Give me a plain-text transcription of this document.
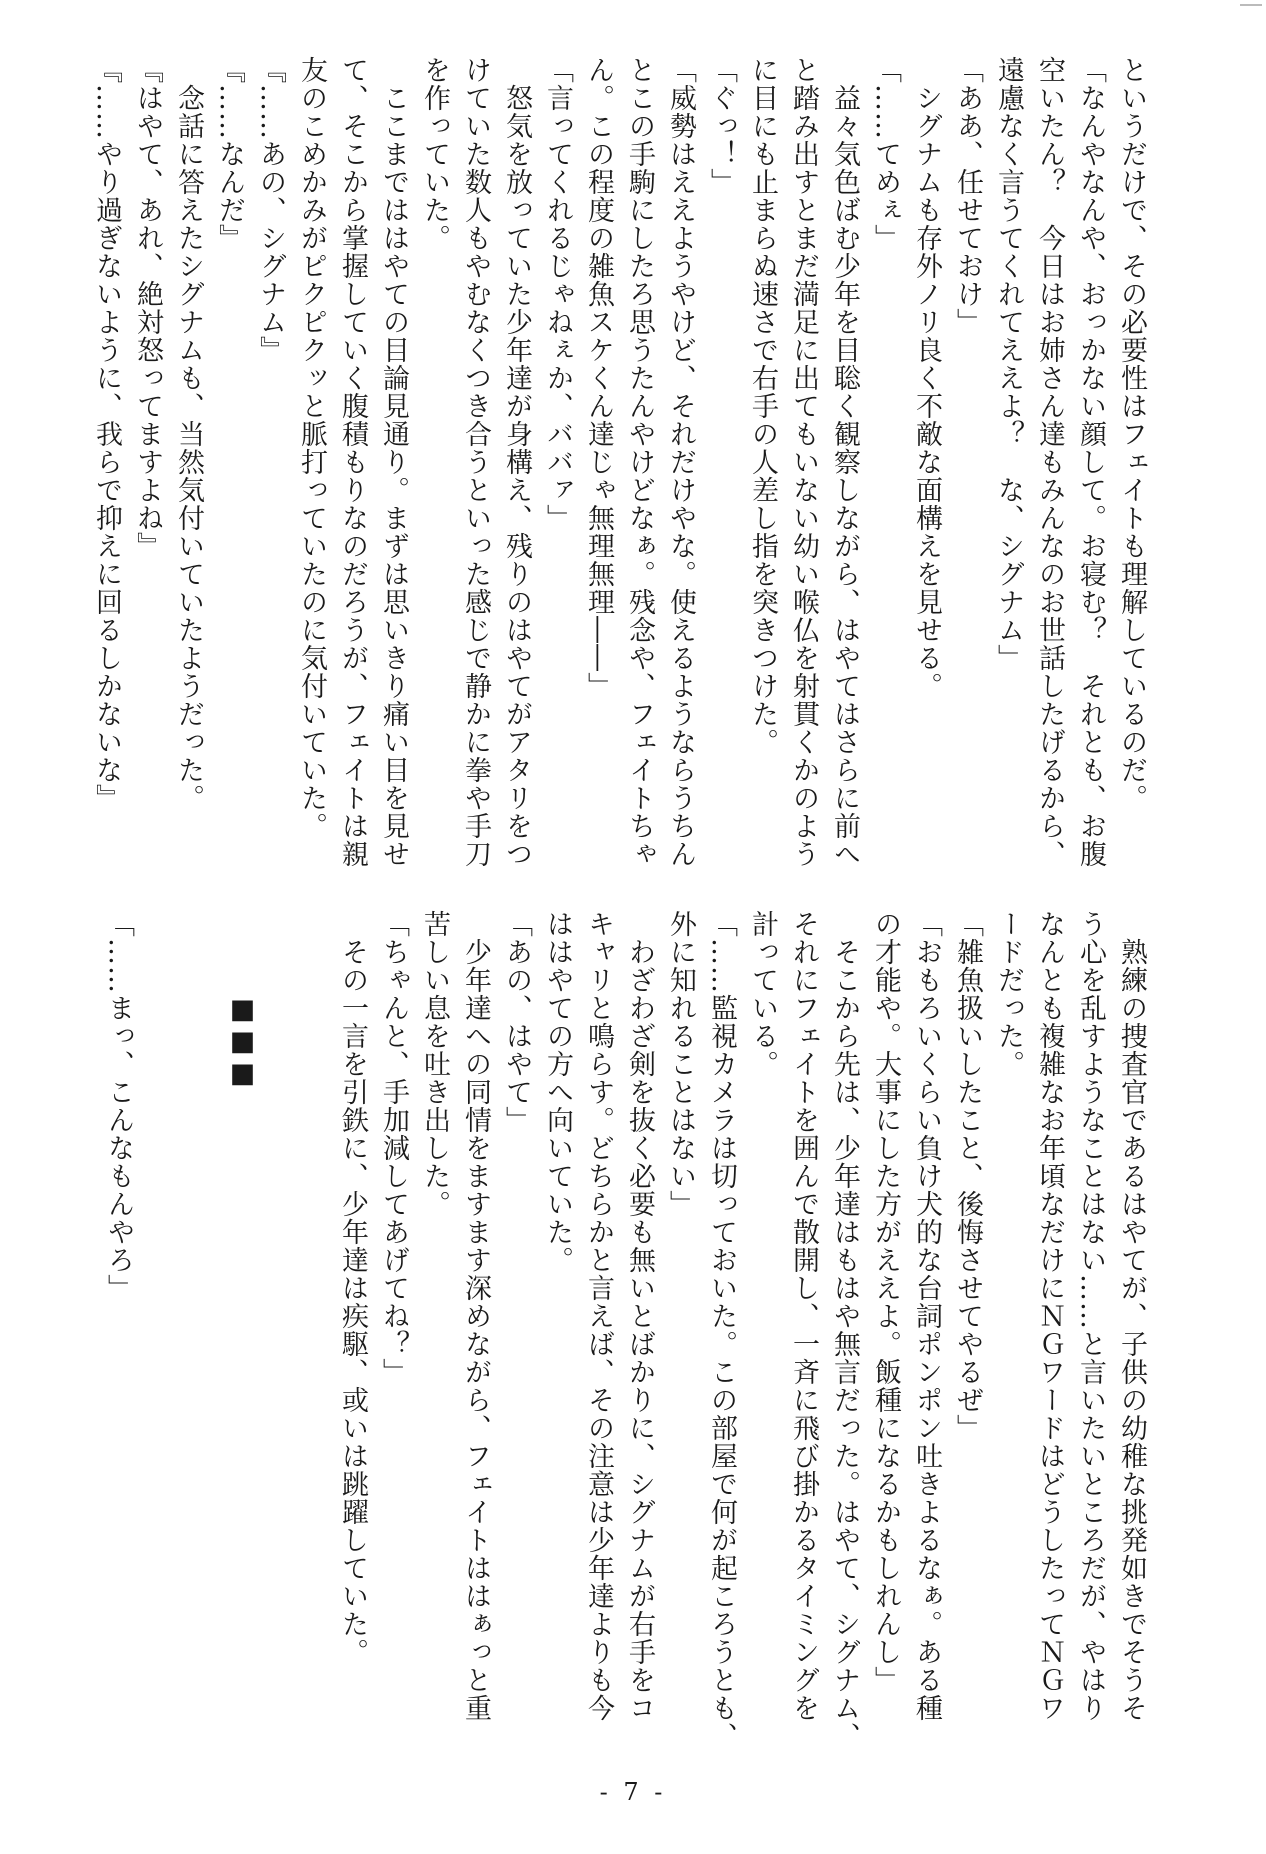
というだけで、その必要性はフェイトも理解しているのだ。
「なんやなんや、おっかない顔して。お寝む？　それとも、お腹
空いたん？　今日はお姉さん達もみんなのお世話したげるから、
遠慮なく言うてくれてええよ？　な、シグナム」
「ああ、任せておけ」
　シグナムも存外ノリ良く不敵な面構えを見せる。
「……てめぇ」
　益々気色ばむ少年を目聡く観察しながら、はやてはさらに前へ
と踏み出すとまだ満足に出てもいない幼い喉仏を射貫くかのよう
に目にも止まらぬ速さで右手の人差し指を突きつけた。
「ぐっ！」
「威勢はええようやけど、それだけやな。使えるようならうちん
とこの手駒にしたろ思うたんやけどなぁ。残念や、フェイトちゃ
ん。この程度の雑魚スケくん達じゃ無理無理――」
「言ってくれるじゃねぇか、ババァ」
　怒気を放っていた少年達が身構え、残りのはやてがアタリをつ
けていた数人もやむなくつき合うといった感じで静かに拳や手刀
を作っていた。
　ここまでははやての目論見通り。まずは思いきり痛い目を見せ
て、そこから掌握していく腹積もりなのだろうが、フェイトは親
友のこめかみがピクピクッと脈打っていたのに気付いていた。
『……あの、シグナム』
『……なんだ』
　念話に答えたシグナムも、当然気付いていたようだった。
『はやて、あれ、絶対怒ってますよね』
『……やり過ぎないように、我らで抑えに回るしかないな』
　熟練の捜査官であるはやてが、子供の幼稚な挑発如きでそうそ
う心を乱すようなことはない……と言いたいところだが、やはり
なんとも複雑なお年頃なだけにＮＧワードはどうしたってＮＧワ
ードだった。
「雑魚扱いしたこと、後悔させてやるぜ」
「おもろいくらい負け犬的な台詞ポンポン吐きよるなぁ。ある種
の才能や。大事にした方がええよ。飯種になるかもしれんし」
　そこから先は、少年達はもはや無言だった。はやて、シグナム、
それにフェイトを囲んで散開し、一斉に飛び掛かるタイミングを
計っている。
「……監視カメラは切っておいた。この部屋で何が起ころうとも、
外に知れることはない」
　わざわざ剣を抜く必要も無いとばかりに、シグナムが右手をコ
キャリと鳴らす。どちらかと言えば、その注意は少年達よりも今
ははやての方へ向いていた。
「あの、はやて」
　少年達への同情をますます深めながら、フェイトははぁっと重
苦しい息を吐き出した。
「ちゃんと、手加減してあげてね？」
　その一言を引鉄に、少年達は疾駆、或いは跳躍していた。
■■■
「……まっ、こんなもんやろ」
- 7 -
